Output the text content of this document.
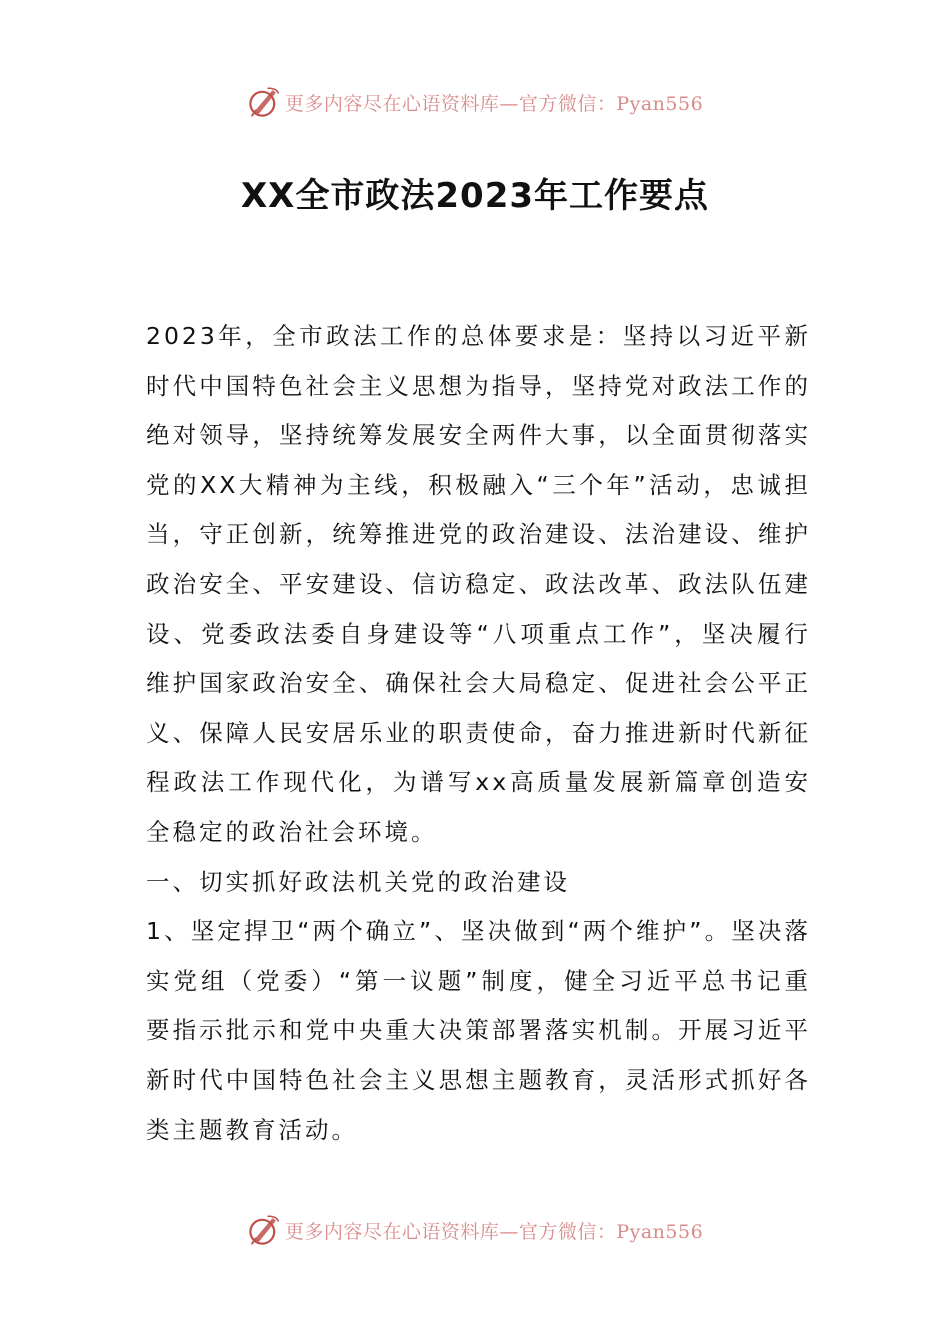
更多内容尽在心语资料库—官方微信：Pyan556
XX全市政法2023年工作要点

2023年，全市政法工作的总体要求是：坚持以习近平新时代中国特色社会主义思想为指导，坚持党对政法工作的绝对领导，坚持统筹发展安全两件大事，以全面贯彻落实党的XX大精神为主线，积极融入“三个年”活动，忠诚担当，守正创新，统筹推进党的政治建设、法治建设、维护政治安全、平安建设、信访稳定、政法改革、政法队伍建设、党委政法委自身建设等“八项重点工作”，坚决履行维护国家政治安全、确保社会大局稳定、促进社会公平正义、保障人民安居乐业的职责使命，奋力推进新时代新征程政法工作现代化，为谱写xx高质量发展新篇章创造安全稳定的政治社会环境。

一、切实抓好政法机关党的政治建设

1、坚定捍卫“两个确立”、坚决做到“两个维护”。坚决落实党组（党委）“第一议题”制度，健全习近平总书记重要指示批示和党中央重大决策部署落实机制。开展习近平新时代中国特色社会主义思想主题教育，灵活形式抓好各类主题教育活动。

更多内容尽在心语资料库—官方微信：Pyan556
